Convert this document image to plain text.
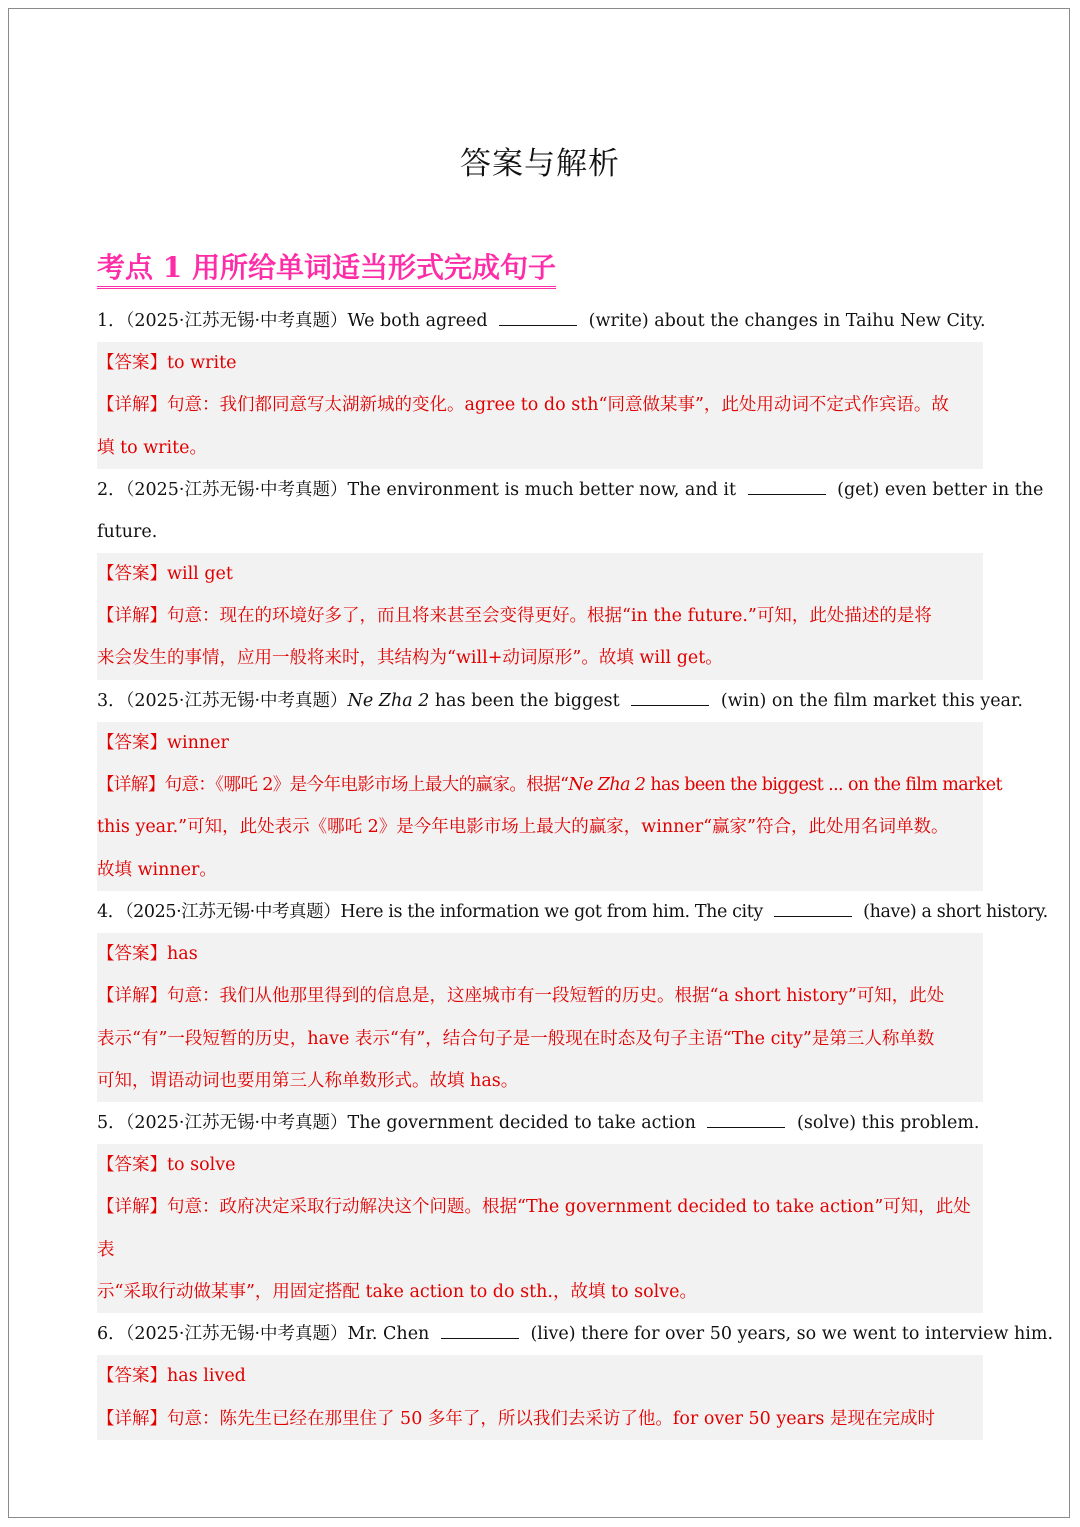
答案与解析
考点 1 用所给单词适当形式完成句子
1．（2025·江苏无锡·中考真题）We both agreed	(write) about the changes in Taihu New City.
【答案】to write
【详解】句意：我们都同意写太湖新城的变化。agree to do sth“同意做某事”，此处用动词不定式作宾语。故
填 to write。
2．（2025·江苏无锡·中考真题）The environment is much better now, and it	(get) even better in the
future.
【答案】will get
【详解】句意：现在的环境好多了，而且将来甚至会变得更好。根据“in the future.”可知，此处描述的是将
来会发生的事情，应用一般将来时，其结构为“will+动词原形”。故填 will get。
3．（2025·江苏无锡·中考真题）Ne Zha 2 has been the biggest	(win) on the film market this year.
【答案】winner
【详解】句意：《哪吒 2》是今年电影市场上最大的赢家。根据“Ne Zha 2 has been the biggest ... on the film market
this year.”可知，此处表示《哪吒 2》是今年电影市场上最大的赢家，winner“赢家”符合，此处用名词单数。
故填 winner。
4．（2025·江苏无锡·中考真题）Here is the information we got from him. The city	(have) a short history.
【答案】has
【详解】句意：我们从他那里得到的信息是，这座城市有一段短暂的历史。根据“a short history”可知，此处
表示“有”一段短暂的历史，have 表示“有”，结合句子是一般现在时态及句子主语“The city”是第三人称单数
可知，谓语动词也要用第三人称单数形式。故填 has。
5．（2025·江苏无锡·中考真题）The government decided to take action	(solve) this problem.
【答案】to solve
【详解】句意：政府决定采取行动解决这个问题。根据“The government decided to take action”可知，此处表
示“采取行动做某事”，用固定搭配 take action to do sth.，故填 to solve。
6．（2025·江苏无锡·中考真题）Mr. Chen	(live) there for over 50 years, so we went to interview him.
【答案】has lived
【详解】句意：陈先生已经在那里住了 50 多年了，所以我们去采访了他。for over 50 years 是现在完成时
